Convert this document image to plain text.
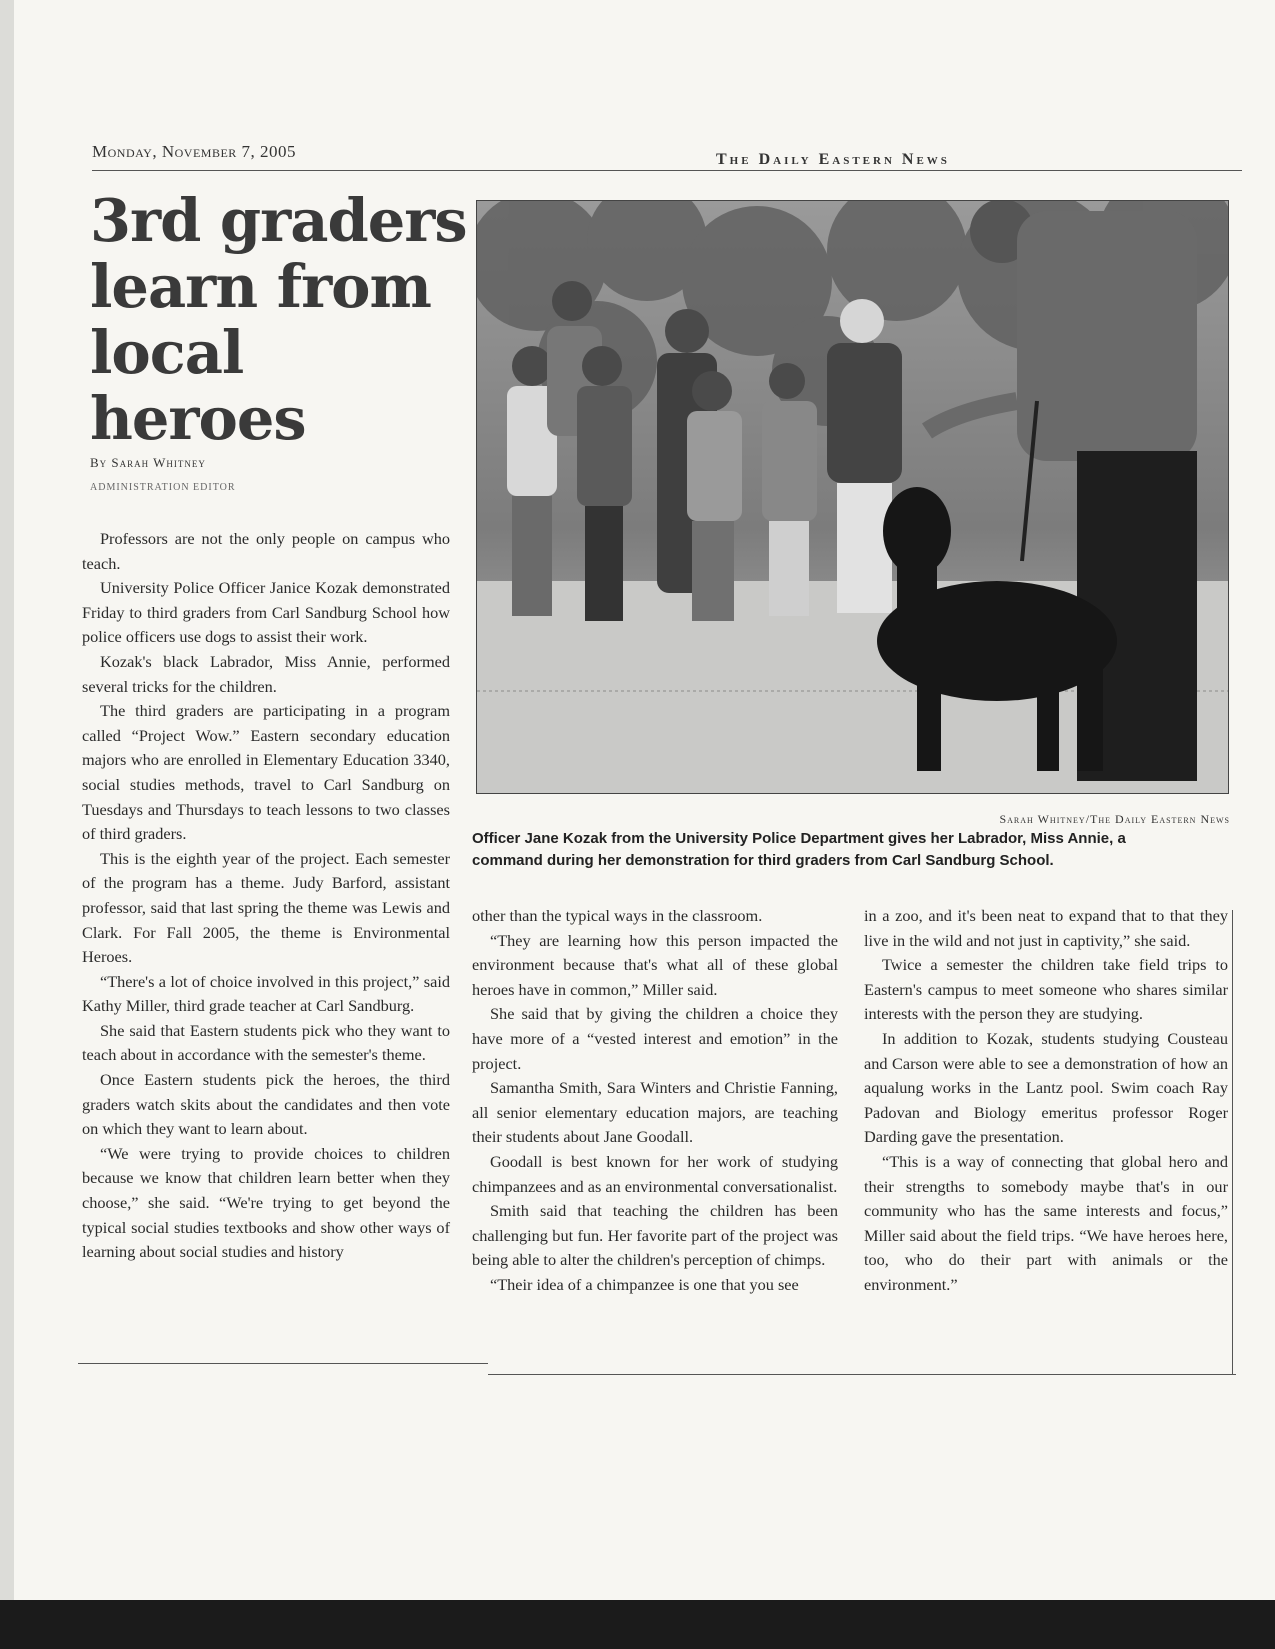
Monday, November 7, 2005	The Daily Eastern News
3rd graders learn from local heroes
By Sarah Whitney
ADMINISTRATION EDITOR
Sarah Whitney/The Daily Eastern News

Officer Jane Kozak from the University Police Department gives her Labrador, Miss Annie, a command during her demonstration for third graders from Carl Sandburg School.

Professors are not the only people on campus who teach.

University Police Officer Janice Kozak demonstrated Friday to third graders from Carl Sandburg School how police officers use dogs to assist their work.

Kozak's black Labrador, Miss Annie, performed several tricks for the children.

The third graders are participating in a program called “Project Wow.” Eastern secondary education majors who are enrolled in Elementary Education 3340, social studies methods, travel to Carl Sandburg on Tuesdays and Thursdays to teach lessons to two classes of third graders.

This is the eighth year of the project. Each semester of the program has a theme. Judy Barford, assistant professor, said that last spring the theme was Lewis and Clark. For Fall 2005, the theme is Environmental Heroes.

“There's a lot of choice involved in this project,” said Kathy Miller, third grade teacher at Carl Sandburg.

She said that Eastern students pick who they want to teach about in accordance with the semester's theme.

Once Eastern students pick the heroes, the third graders watch skits about the candidates and then vote on which they want to learn about.

“We were trying to provide choices to children because we know that children learn better when they choose,” she said. “We're trying to get beyond the typical social studies textbooks and show other ways of learning about social studies and history

other than the typical ways in the classroom.

“They are learning how this person impacted the environment because that's what all of these global heroes have in common,” Miller said.

She said that by giving the children a choice they have more of a “vested interest and emotion” in the project.

Samantha Smith, Sara Winters and Christie Fanning, all senior elementary education majors, are teaching their students about Jane Goodall.

Goodall is best known for her work of studying chimpanzees and as an environmental conversationalist.

Smith said that teaching the children has been challenging but fun. Her favorite part of the project was being able to alter the children's perception of chimps.

“Their idea of a chimpanzee is one that you see

in a zoo, and it's been neat to expand that to that they live in the wild and not just in captivity,” she said.

Twice a semester the children take field trips to Eastern's campus to meet someone who shares similar interests with the person they are studying.

In addition to Kozak, students studying Cousteau and Carson were able to see a demonstration of how an aqualung works in the Lantz pool. Swim coach Ray Padovan and Biology emeritus professor Roger Darding gave the presentation.

“This is a way of connecting that global hero and their strengths to somebody maybe that's in our community who has the same interests and focus,” Miller said about the field trips. “We have heroes here, too, who do their part with animals or the environment.”
